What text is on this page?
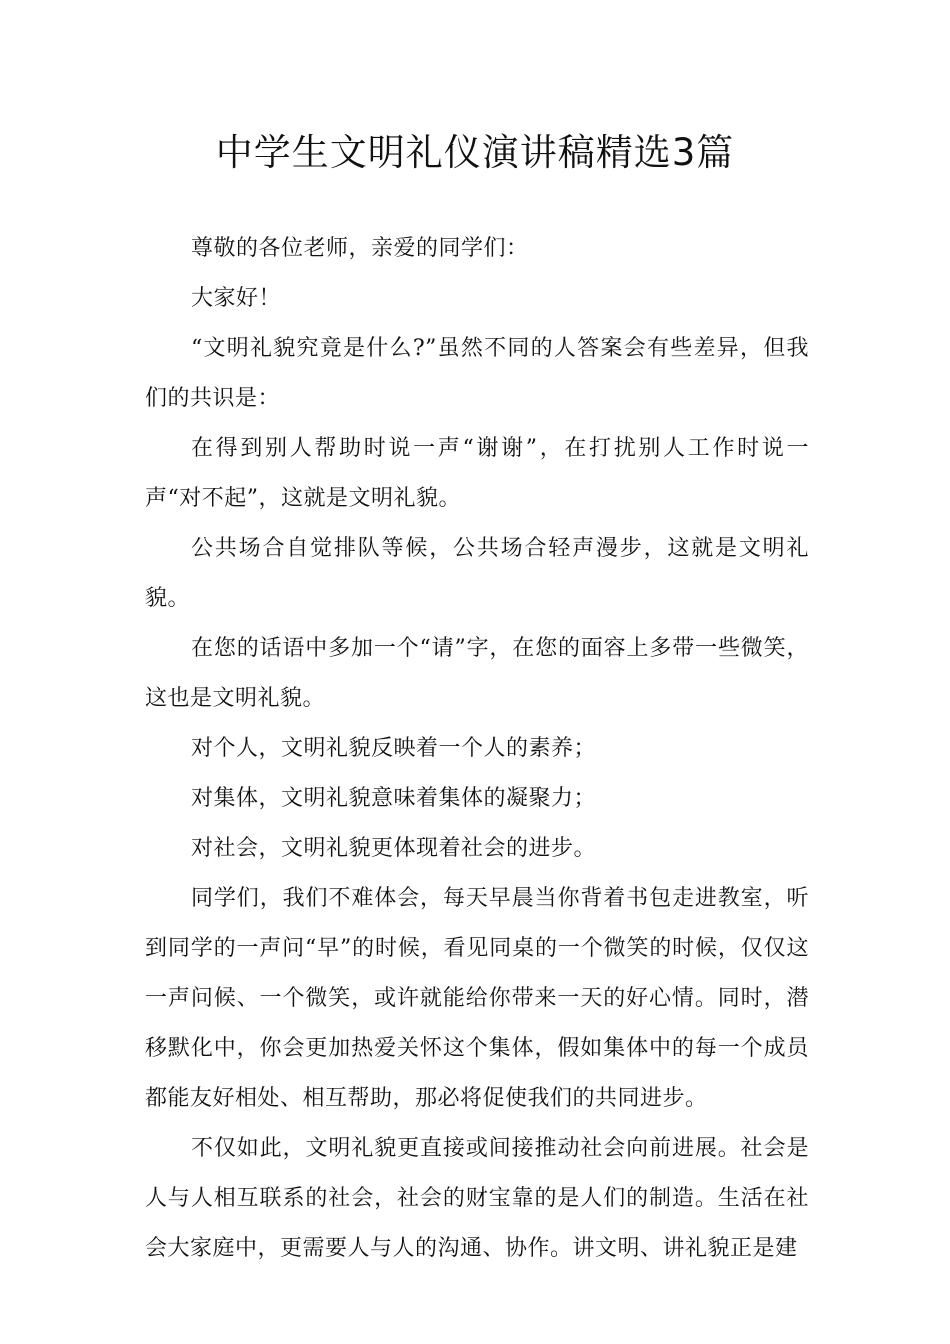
中学生文明礼仪演讲稿精选3篇

尊敬的各位老师，亲爱的同学们：

大家好！

“文明礼貌究竟是什么?”虽然不同的人答案会有些差异，但我们的共识是：

在得到别人帮助时说一声“谢谢”，在打扰别人工作时说一声“对不起”，这就是文明礼貌。

公共场合自觉排队等候，公共场合轻声漫步，这就是文明礼貌。

在您的话语中多加一个“请”字，在您的面容上多带一些微笑，这也是文明礼貌。

对个人，文明礼貌反映着一个人的素养；

对集体，文明礼貌意味着集体的凝聚力；

对社会，文明礼貌更体现着社会的进步。

同学们，我们不难体会，每天早晨当你背着书包走进教室，听到同学的一声问“早”的时候，看见同桌的一个微笑的时候，仅仅这一声问候、一个微笑，或许就能给你带来一天的好心情。同时，潜移默化中，你会更加热爱关怀这个集体，假如集体中的每一个成员都能友好相处、相互帮助，那必将促使我们的共同进步。

不仅如此，文明礼貌更直接或间接推动社会向前进展。社会是人与人相互联系的社会，社会的财宝靠的是人们的制造。生活在社会大家庭中，更需要人与人的沟通、协作。讲文明、讲礼貌正是建
